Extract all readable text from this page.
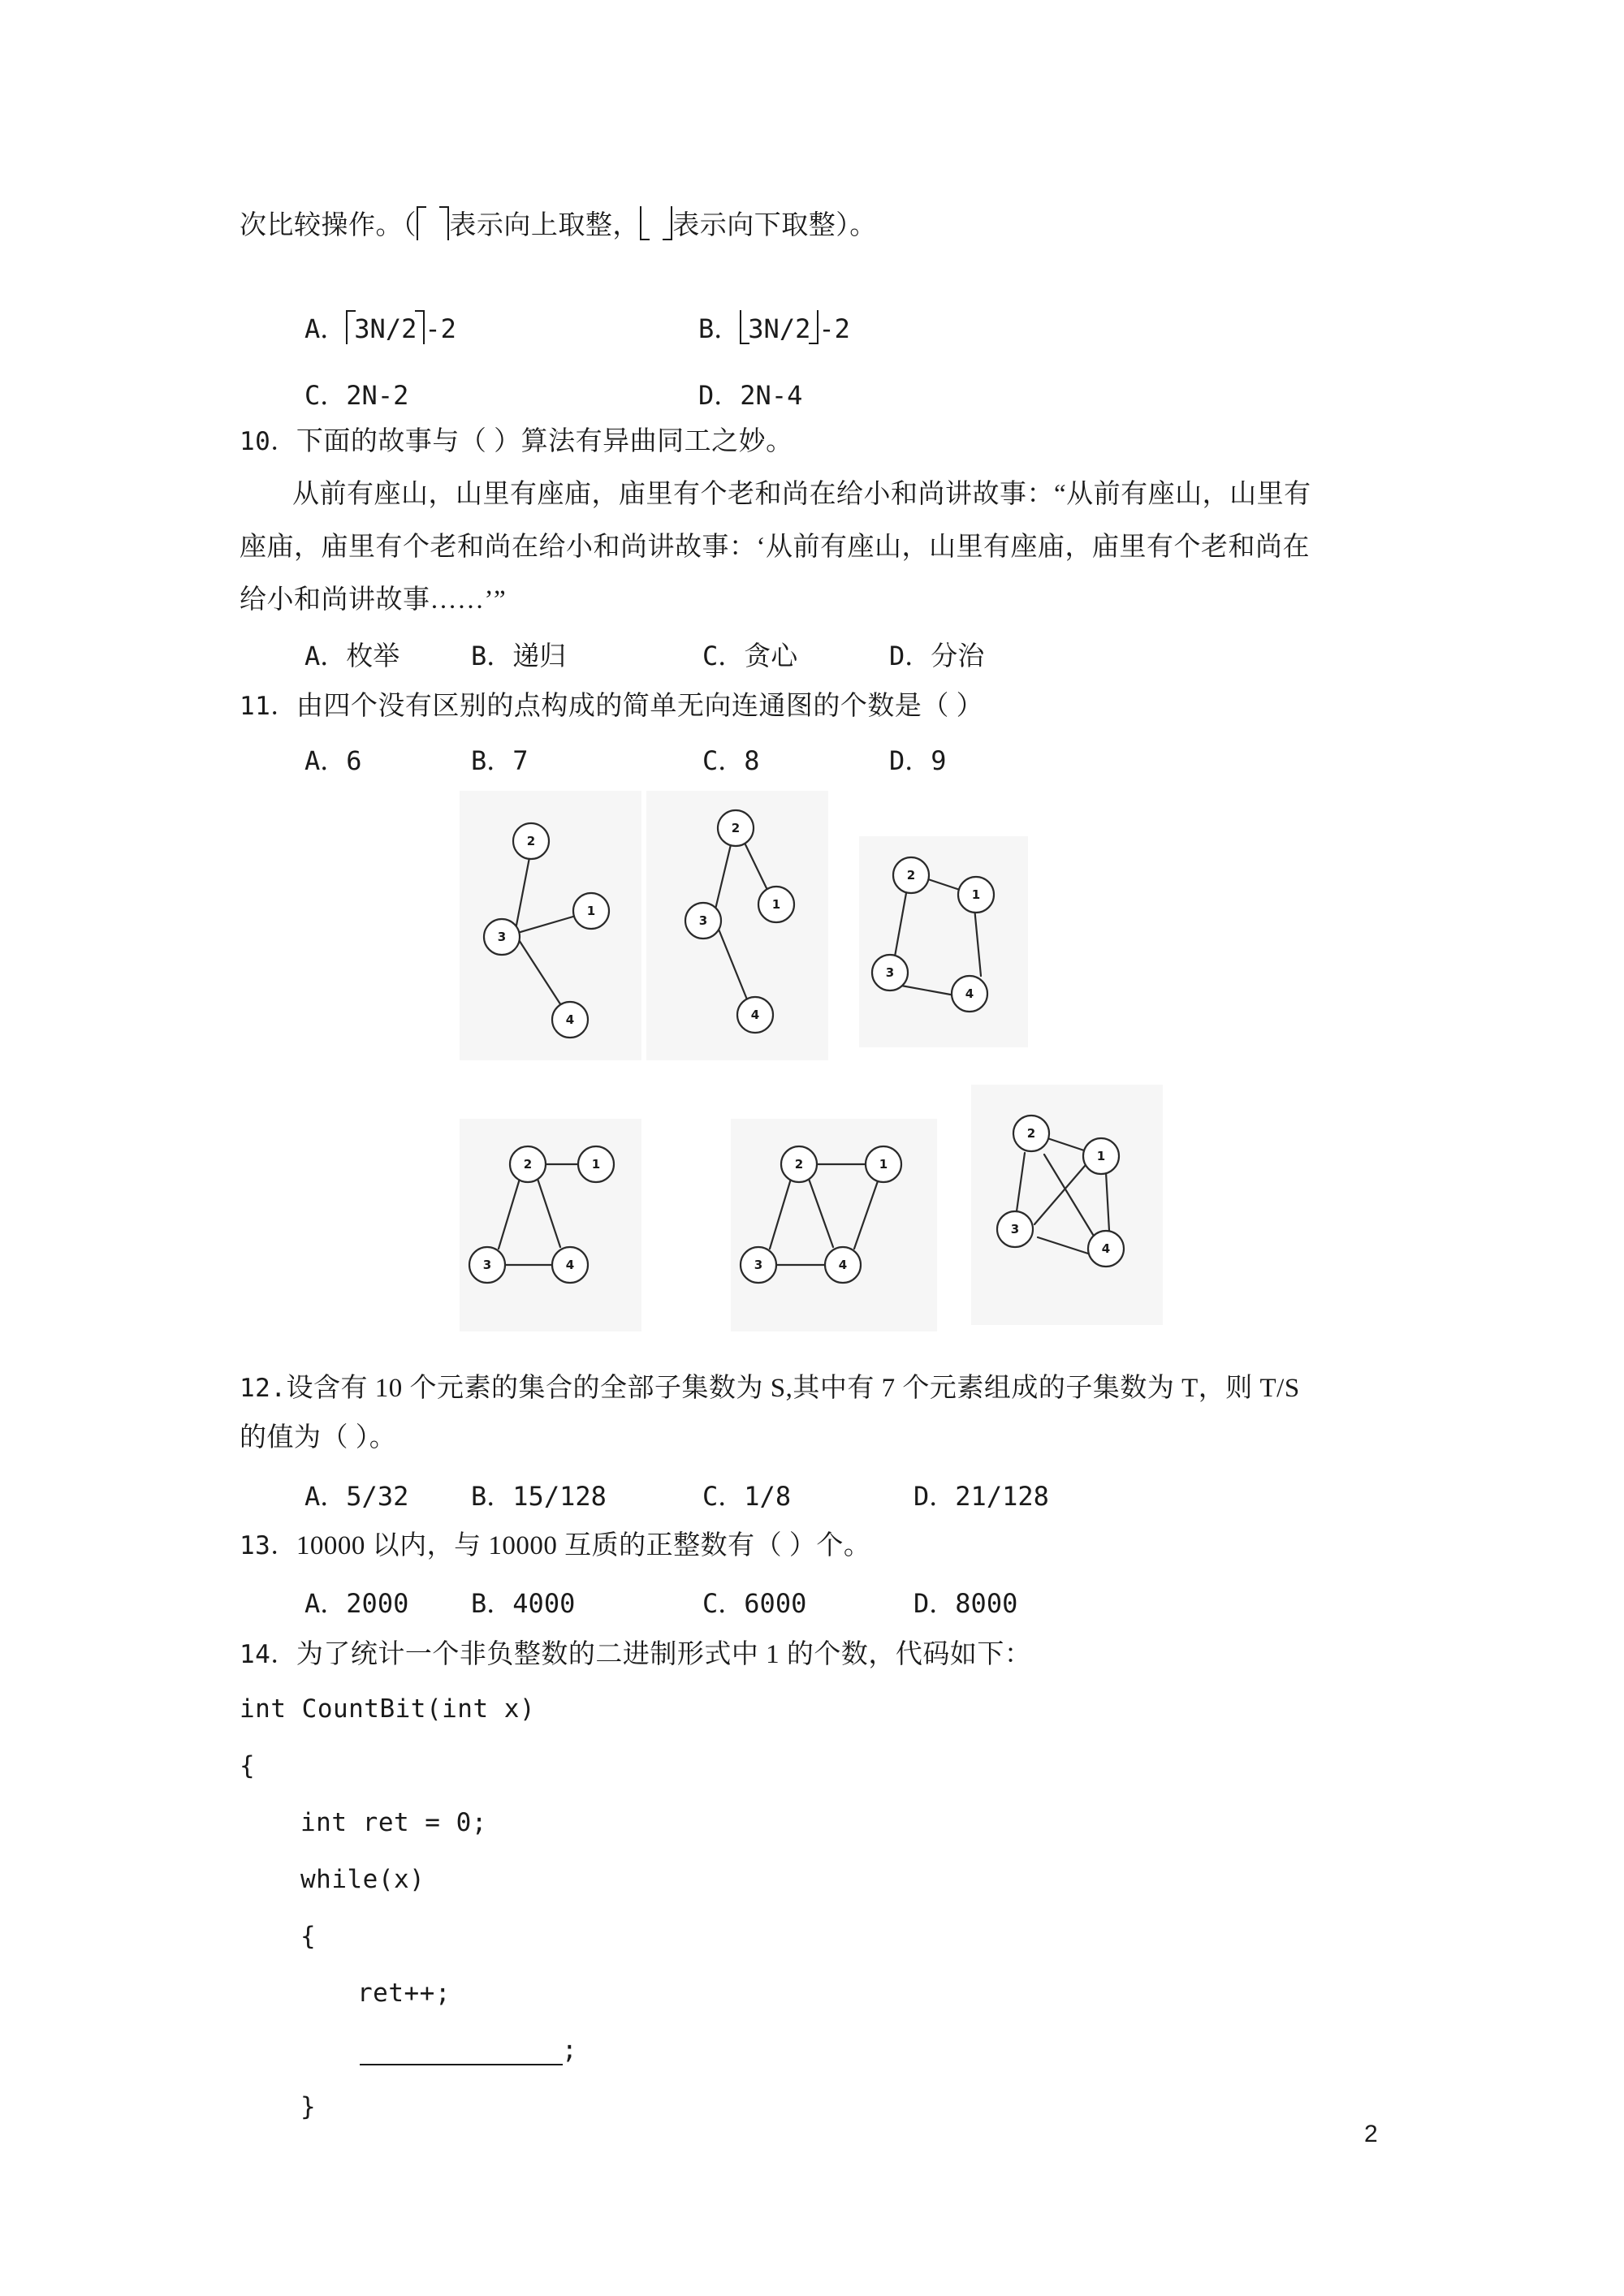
次比较操作。（ 表示向上取整， 表示向下取整）。
A． 3N/2 -2	B． 3N/2 -2
C．2N-2	D．2N-4
10．下面的故事与（ ）算法有异曲同工之妙。
从前有座山，山里有座庙，庙里有个老和尚在给小和尚讲故事：“从前有座山，山里有
座庙，庙里有个老和尚在给小和尚讲故事：‘从前有座山，山里有座庙，庙里有个老和尚在
给小和尚讲故事……’”
A．枚举	B．递归	C．贪心	D．分治
11．由四个没有区别的点构成的简单无向连通图的个数是（ ）
A．6	B．7	C．8	D．9
2
1
3
4
2
1
3
4
2
1
3
4
2	1
3	4
2	1
3	4
2
1
3
4
12.设含有 10 个元素的集合的全部子集数为 S,其中有 7 个元素组成的子集数为 T，则 T/S
的值为（ ）。
A．5/32 B．15/128	C．1/8	D．21/128
13．10000 以内，与 10000 互质的正整数有（ ）个。
A．2000 B．4000	C．6000	D．8000
14．为了统计一个非负整数的二进制形式中 1 的个数，代码如下：
int CountBit(int x)
{
int ret = 0;
while(x)
{
ret++;
;
}
2
